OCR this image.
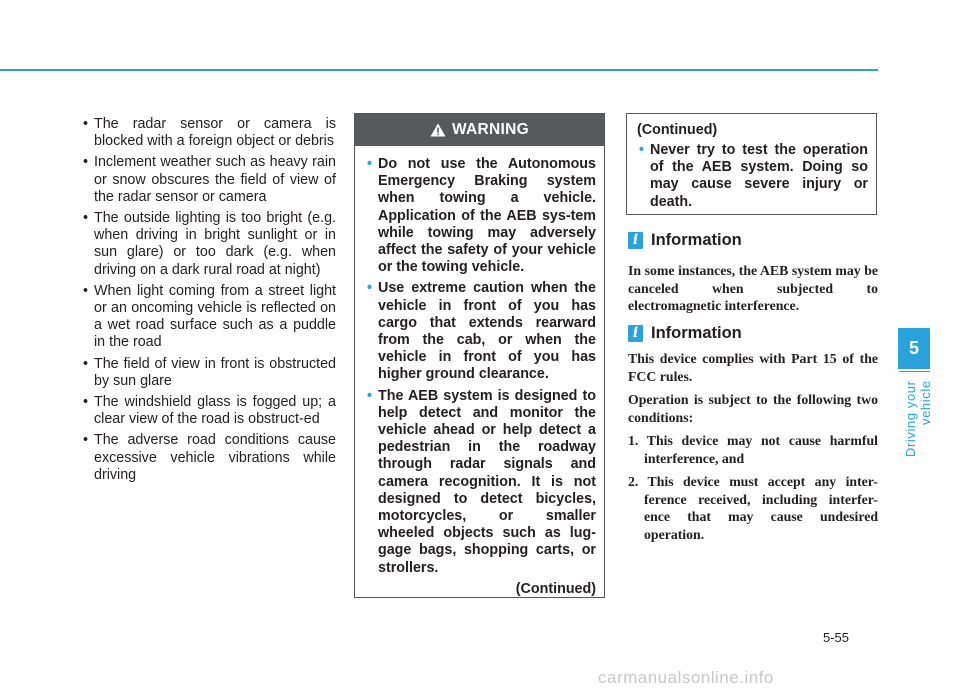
• The radar sensor or camera is blocked with a foreign object or debris
• Inclement weather such as heavy rain or snow obscures the field of view of the radar sensor or camera
• The outside lighting is too bright (e.g. when driving in bright sunlight or in sun glare) or too dark (e.g. when driving on a dark rural road at night)
• When light coming from a street light or an oncoming vehicle is reflected on a wet road surface such as a puddle in the road
• The field of view in front is obstructed by sun glare
• The windshield glass is fogged up; a clear view of the road is obstruct-ed
• The adverse road conditions cause excessive vehicle vibrations while driving
WARNING
• Do not use the Autonomous Emergency Braking system when towing a vehicle. Application of the AEB sys-tem while towing may adversely affect the safety of your vehicle or the towing vehicle.
• Use extreme caution when the vehicle in front of you has cargo that extends rearward from the cab, or when the vehicle in front of you has higher ground clearance.
• The AEB system is designed to help detect and monitor the vehicle ahead or help detect a pedestrian in the roadway through radar signals and camera recognition. It is not designed to detect bicycles, motorcycles, or smaller wheeled objects such as lug-gage bags, shopping carts, or strollers.
(Continued)
(Continued)
• Never try to test the operation of the AEB system. Doing so may cause severe injury or death.
i Information

In some instances, the AEB system may be canceled when subjected to electromagnetic interference.

i Information

This device complies with Part 15 of the FCC rules.

Operation is subject to the following two conditions:

1. This device may not cause harmful interference, and
2. This device must accept any inter-ference received, including interfer-ence that may cause undesired operation.
5
Driving your vehicle
5-55
carmanualsonline.info
